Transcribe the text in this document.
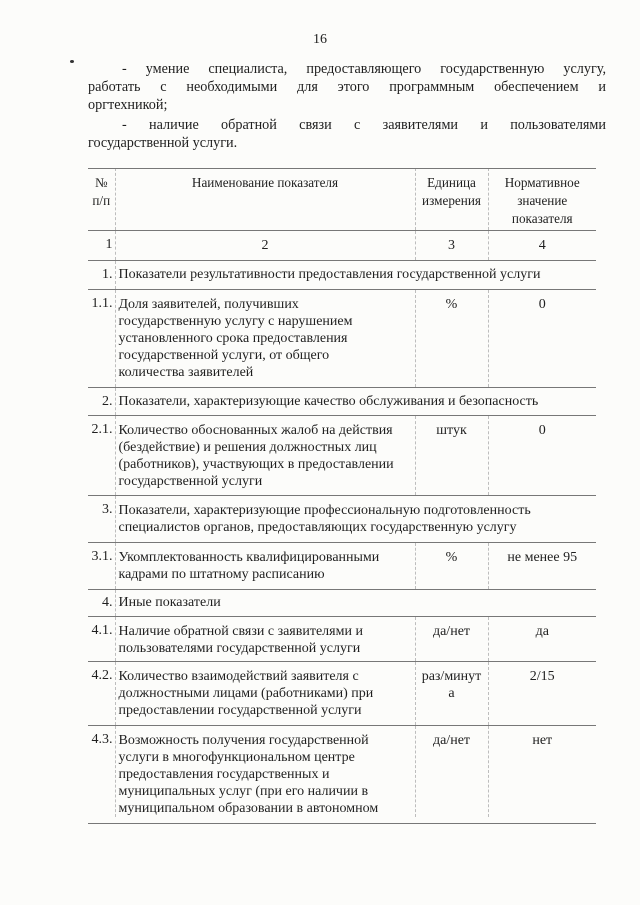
16
- умение специалиста, предоставляющего государственную услугу,
работать с необходимыми для этого программным обеспечением и
оргтехникой;
- наличие обратной связи с заявителями и пользователями
государственной услуги.
№ п/п	Наименование показателя	Единица измерения	Нормативное значение показателя
1	2	3	4
1.	Показатели результативности предоставления государственной услуги		
1.1.	Доля заявителей, получивших
государственную услугу с нарушением
установленного срока предоставления
государственной услуги, от общего
количества заявителей	%	0
2.	Показатели, характеризующие качество обслуживания и безопасность		
2.1.	Количество обоснованных жалоб на действия
(бездействие) и решения должностных лиц
(работников), участвующих в предоставлении
государственной услуги	штук	0
3.	Показатели, характеризующие профессиональную подготовленность
специалистов органов, предоставляющих государственную услугу		

3.1.	Укомплектованность квалифицированными
кадрами по штатному расписанию	%	не менее 95
4.	Иные показатели		
4.1.	Наличие обратной связи с заявителями и
пользователями государственной услуги	да/нет	да
4.2.	Количество взаимодействий заявителя с
должностными лицами (работниками) при
предоставлении государственной услуги	раз/минут
а	2/15
4.3.	Возможность получения государственной
услуги в многофункциональном центре
предоставления государственных и
муниципальных услуг (при его наличии в
муниципальном образовании в автономном	да/нет	нет
